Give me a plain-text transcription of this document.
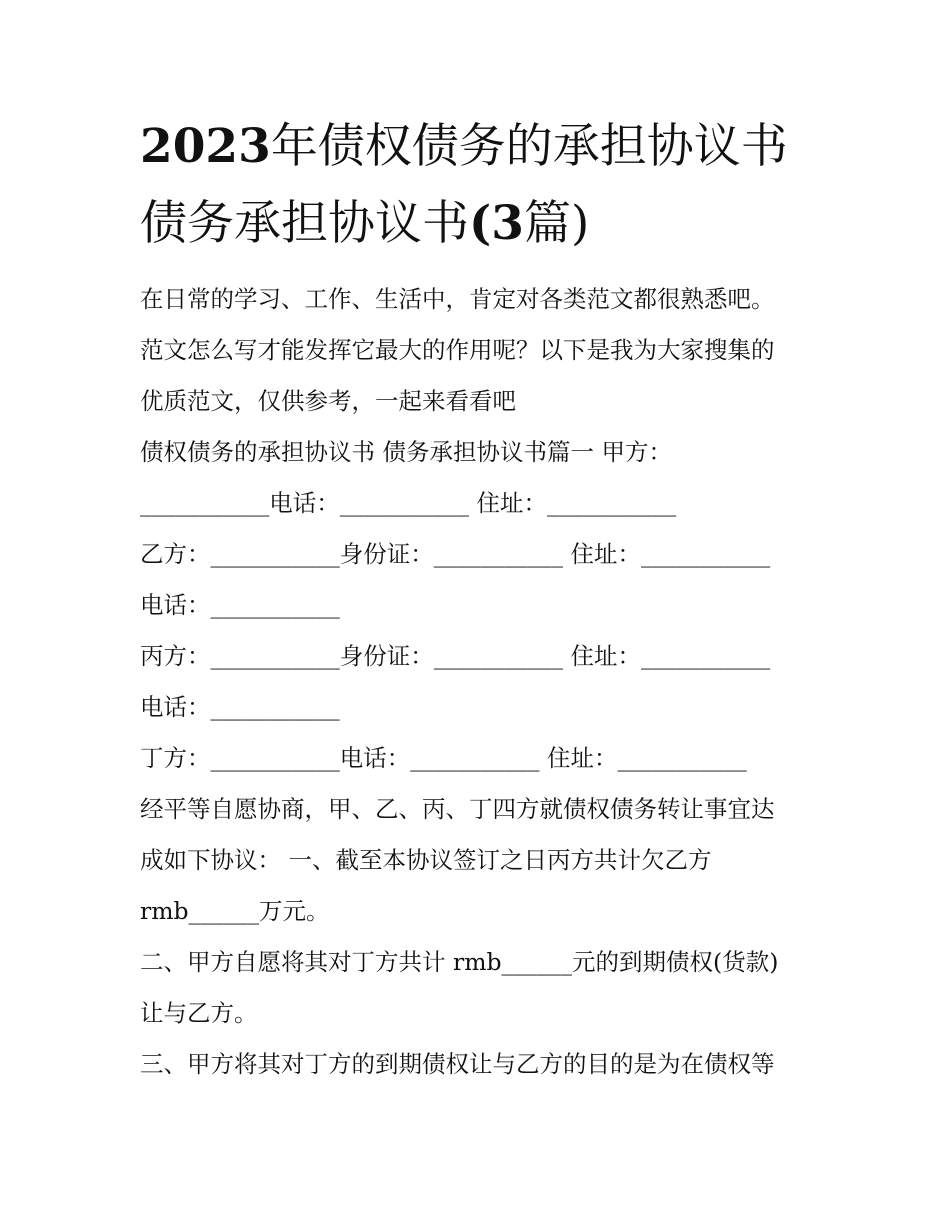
2023年债权债务的承担协议书
债务承担协议书(3篇)

在日常的学习、工作、生活中，肯定对各类范文都很熟悉吧。

范文怎么写才能发挥它最大的作用呢？以下是我为大家搜集的

优质范文，仅供参考，一起来看看吧

债权债务的承担协议书 债务承担协议书篇一 甲方：

___________电话：___________ 住址：___________

乙方：___________身份证：___________ 住址：___________

电话：___________

丙方：___________身份证：___________ 住址：___________

电话：___________

丁方：___________电话：___________ 住址：___________

经平等自愿协商，甲、乙、丙、丁四方就债权债务转让事宜达

成如下协议： 一、截至本协议签订之日丙方共计欠乙方

rmb______万元。

二、甲方自愿将其对丁方共计 rmb______元的到期债权(货款)

让与乙方。

三、甲方将其对丁方的到期债权让与乙方的目的是为在债权等
